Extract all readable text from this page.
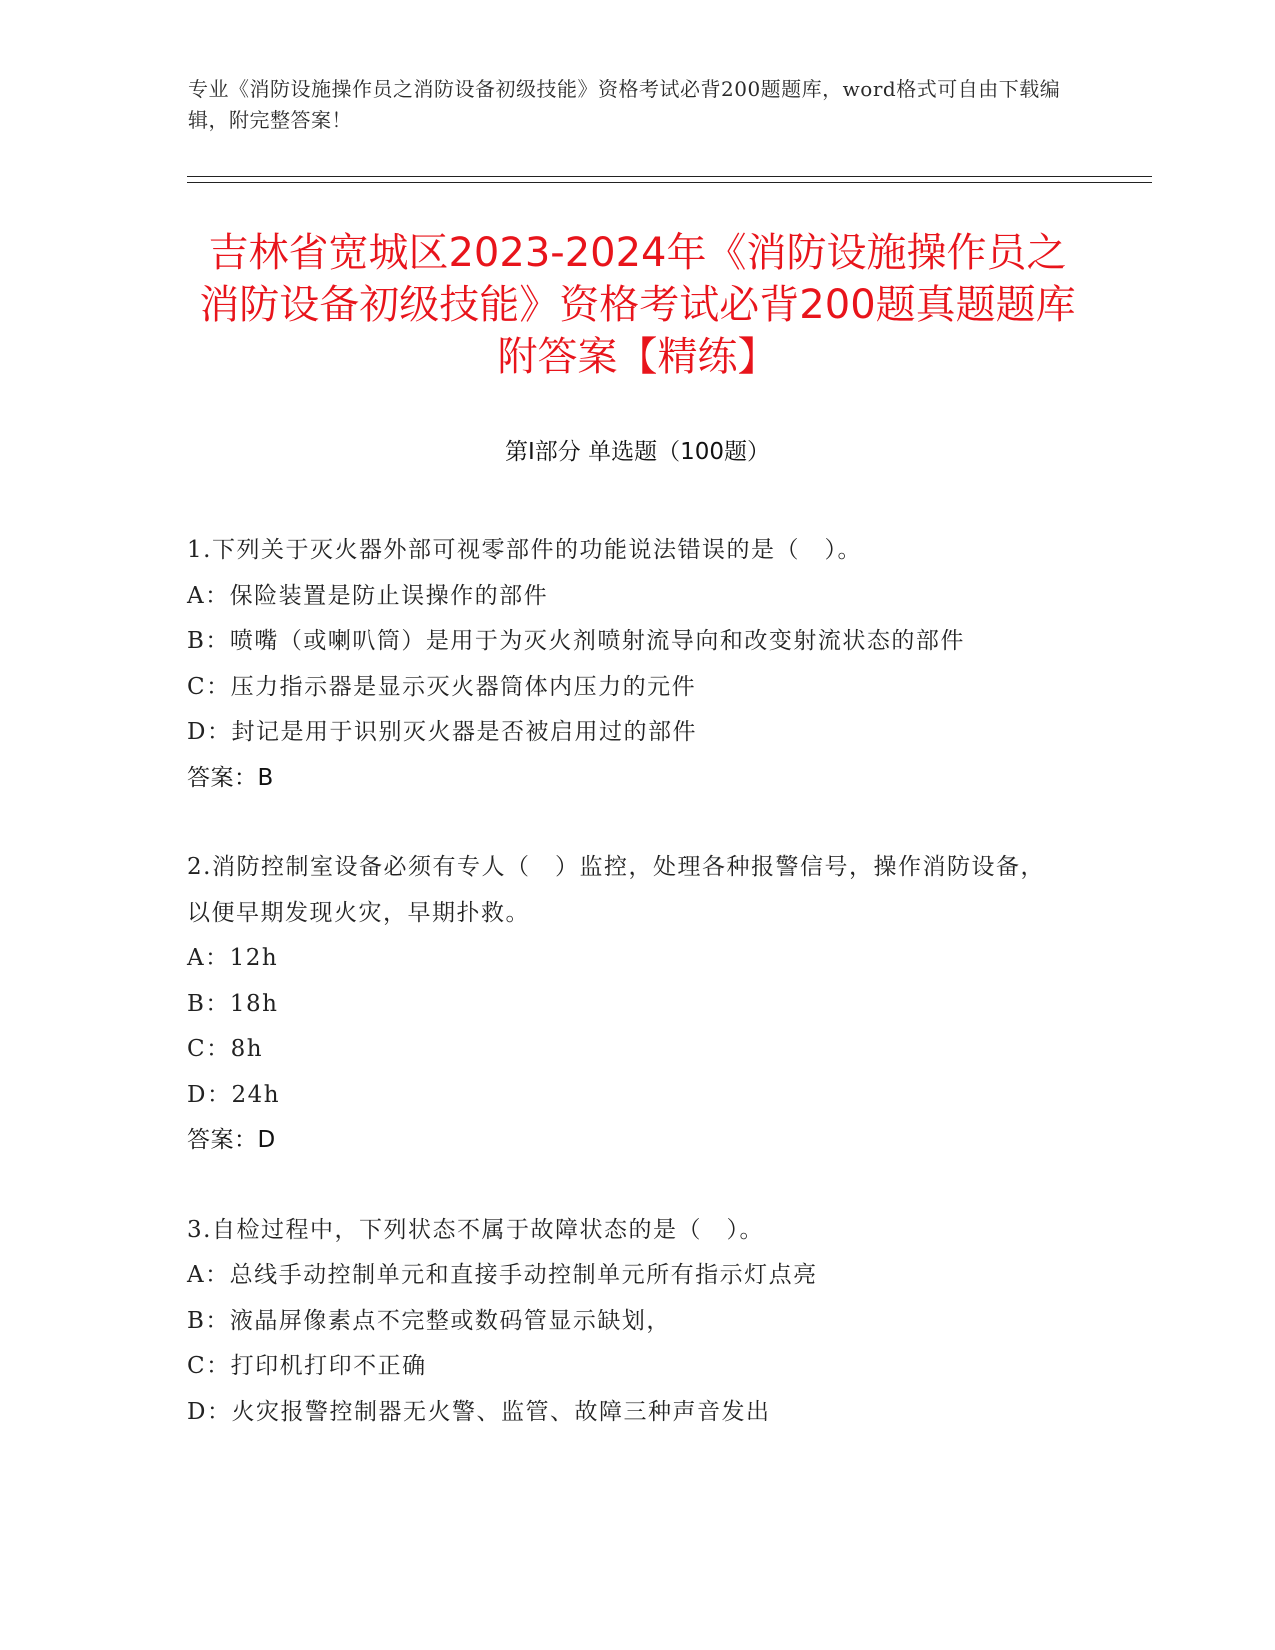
专业《消防设施操作员之消防设备初级技能》资格考试必背200题题库，word格式可自由下载编辑，附完整答案！
吉林省宽城区2023-2024年《消防设施操作员之消防设备初级技能》资格考试必背200题真题题库附答案【精练】
第Ⅰ部分 单选题（100题）
1.下列关于灭火器外部可视零部件的功能说法错误的是（　）。
A：保险装置是防止误操作的部件
B：喷嘴（或喇叭筒）是用于为灭火剂喷射流导向和改变射流状态的部件
C：压力指示器是显示灭火器筒体内压力的元件
D：封记是用于识别灭火器是否被启用过的部件
答案：B
2.消防控制室设备必须有专人（　）监控，处理各种报警信号，操作消防设备，以便早期发现火灾，早期扑救。
A：12h
B：18h
C：8h
D：24h
答案：D
3.自检过程中，下列状态不属于故障状态的是（　）。
A：总线手动控制单元和直接手动控制单元所有指示灯点亮
B：液晶屏像素点不完整或数码管显示缺划，
C：打印机打印不正确
D：火灾报警控制器无火警、监管、故障三种声音发出
